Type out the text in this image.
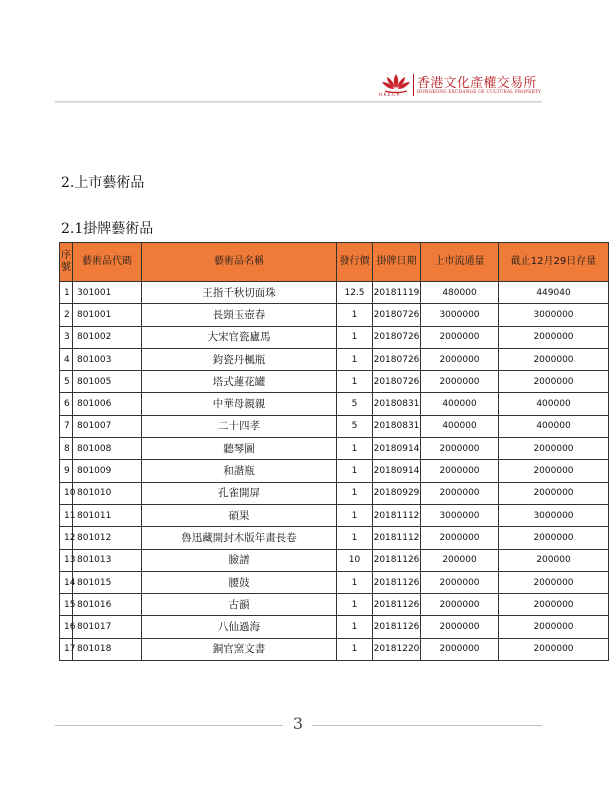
H.K.E.C.P.
香港文化產權交易所
HONGKONG EXCHANGE OF CULTURAL PROPERTY
2.上市藝術品
2.1掛牌藝術品
序號	藝術品代碼	藝術品名稱	發行價	掛牌日期	上市流通量	截止12月29日存量
1	301001	王指千秋切面珠	12.5	20181119	480000	449040
2	801001	長頸玉壺春	1	20180726	3000000	3000000
3	801002	大宋官瓷廬馬	1	20180726	2000000	2000000
4	801003	鈞瓷丹楓瓶	1	20180726	2000000	2000000
5	801005	塔式蓮花罐	1	20180726	2000000	2000000
6	801006	中華母親親	5	20180831	400000	400000
7	801007	二十四孝	5	20180831	400000	400000
8	801008	聽琴圖	1	20180914	2000000	2000000
9	801009	和諧瓶	1	20180914	2000000	2000000
10	801010	孔雀開屏	1	20180929	2000000	2000000
11	801011	碩果	1	20181112	3000000	3000000
12	801012	魯迅藏開封木版年畫長卷	1	20181112	2000000	2000000
13	801013	臉譜	10	20181126	200000	200000
14	801015	腰鼓	1	20181126	2000000	2000000
15	801016	古韻	1	20181126	2000000	2000000
16	801017	八仙過海	1	20181126	2000000	2000000
17	801018	銅官窯文書	1	20181220	2000000	2000000
3
